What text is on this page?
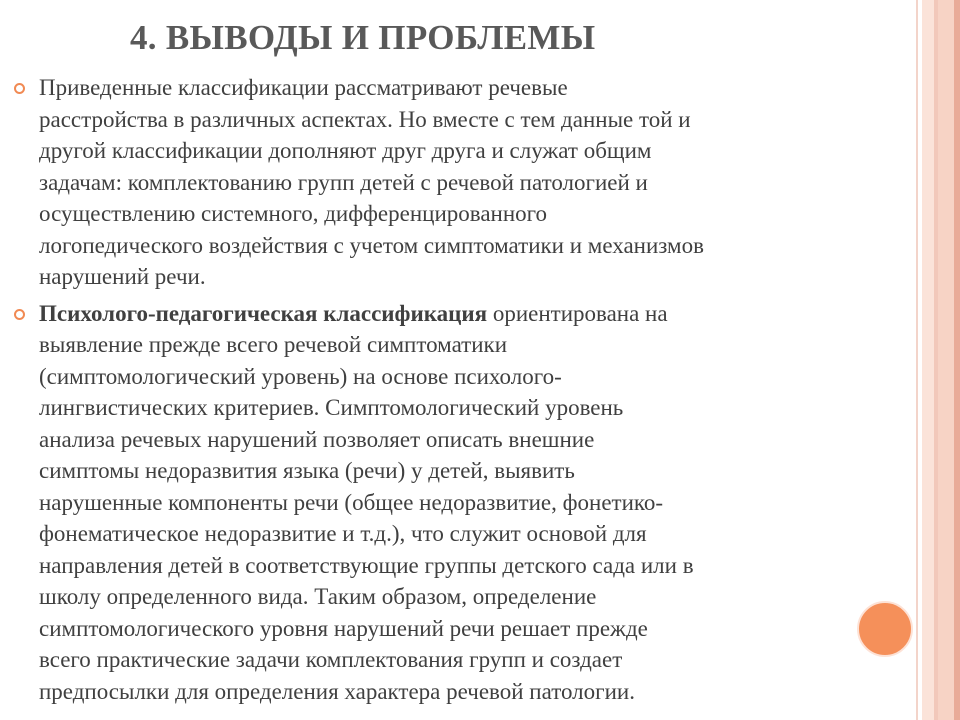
4. ВЫВОДЫ И ПРОБЛЕМЫ
Приведенные классификации рассматривают речевые
расстройства в различных аспектах. Но вместе с тем данные той и
другой классификации дополняют друг друга и служат общим
задачам: комплектованию групп детей с речевой патологией и
осуществлению системного, дифференцированного
логопедического воздействия с учетом симптоматики и механизмов
нарушений речи.
Психолого-педагогическая классификация ориентирована на
выявление прежде всего речевой симптоматики
(симптомологический уровень) на основе психолого-
лингвистических критериев. Симптомологический уровень
анализа речевых нарушений позволяет описать внешние
симптомы недоразвития языка (речи) у детей, выявить
нарушенные компоненты речи (общее недоразвитие, фонетико-
фонематическое недоразвитие и т.д.), что служит основой для
направления детей в соответствующие группы детского сада или в
школу определенного вида. Таким образом, определение
симптомологического уровня нарушений речи решает прежде
всего практические задачи комплектования групп и создает
предпосылки для определения характера речевой патологии.
